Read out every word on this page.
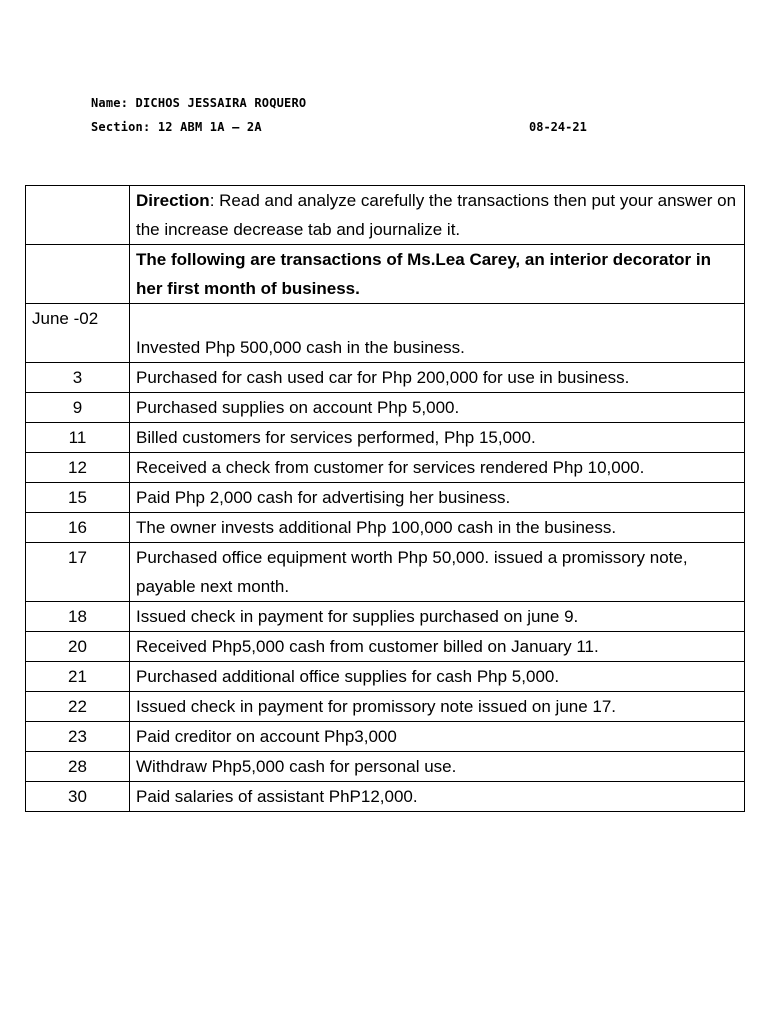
Name: DICHOS JESSAIRA ROQUERO
Section: 12 ABM 1A – 2A	08-24-21
	Direction: Read and analyze carefully the transactions then put your answer on the increase decrease tab and journalize it.
	The following are transactions of Ms.Lea Carey, an interior decorator in her first month of business.
June -02	Invested Php 500,000 cash in the business.
3	Purchased for cash used car for Php 200,000 for use in business.
9	Purchased supplies on account Php 5,000.
11	Billed customers for services performed, Php 15,000.
12	Received a check from customer for services rendered Php 10,000.
15	Paid Php 2,000 cash for advertising her business.
16	The owner invests additional Php 100,000 cash in the business.
17	Purchased office equipment worth Php 50,000. issued a promissory note, payable next month.
18	Issued check in payment for supplies purchased on june 9.
20	Received Php5,000 cash from customer billed on January 11.
21	Purchased additional office supplies for cash Php 5,000.
22	Issued check in payment for promissory note issued on june 17.
23	Paid creditor on account Php3,000
28	Withdraw Php5,000 cash for personal use.
30	Paid salaries of assistant PhP12,000.
